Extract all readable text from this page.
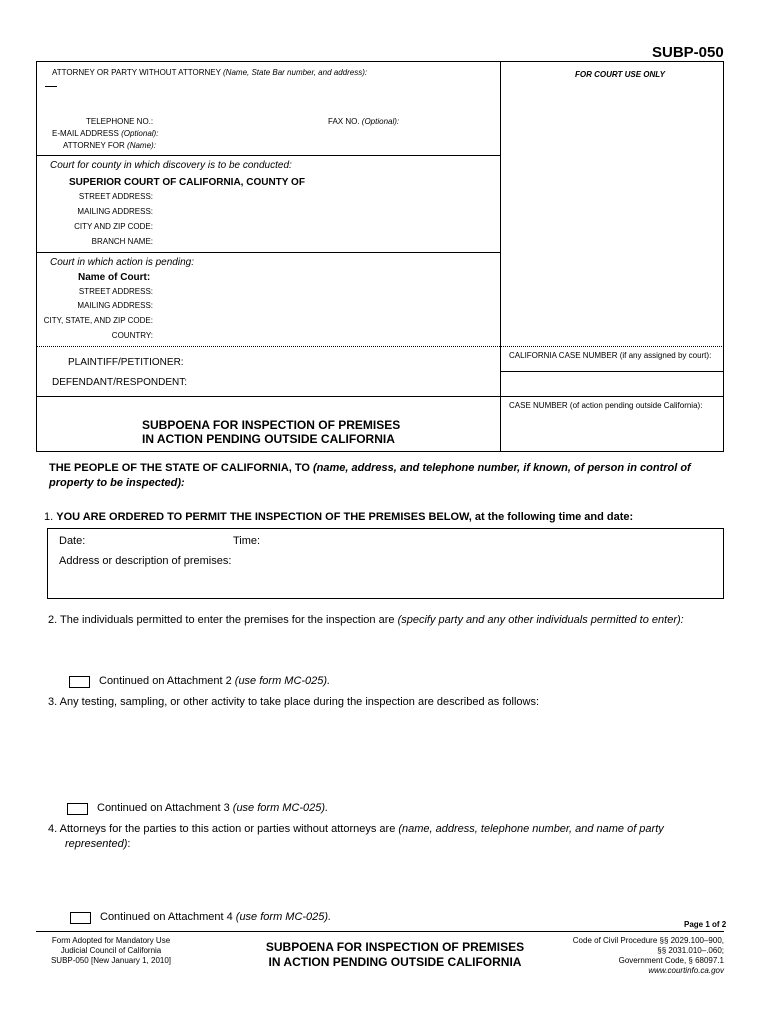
SUBP-050
ATTORNEY OR PARTY WITHOUT ATTORNEY (Name, State Bar number, and address):	FOR COURT USE ONLY
TELEPHONE NO.:	FAX NO. (Optional):
E-MAIL ADDRESS (Optional):
ATTORNEY FOR (Name):
Court for county in which discovery is to be conducted:
SUPERIOR COURT OF CALIFORNIA, COUNTY OF
STREET ADDRESS:
MAILING ADDRESS:
CITY AND ZIP CODE:
BRANCH NAME:
Court in which action is pending:
Name of Court:
STREET ADDRESS:
MAILING ADDRESS:
CITY, STATE, AND ZIP CODE:
COUNTRY:
PLAINTIFF/PETITIONER:
DEFENDANT/RESPONDENT:
CALIFORNIA CASE NUMBER (if any assigned by court):
CASE NUMBER (of action pending outside California):
SUBPOENA FOR INSPECTION OF PREMISES
IN ACTION PENDING OUTSIDE CALIFORNIA
THE PEOPLE OF THE STATE OF CALIFORNIA, TO (name, address, and telephone number, if known, of person in control of
property to be inspected):
1. YOU ARE ORDERED TO PERMIT THE INSPECTION OF THE PREMISES BELOW, at the following time and date:
Date:	Time:
Address or description of premises:
2. The individuals permitted to enter the premises for the inspection are (specify party and any other individuals permitted to enter):
Continued on Attachment 2 (use form MC-025).
3. Any testing, sampling, or other activity to take place during the inspection are described as follows:
Continued on Attachment 3 (use form MC-025).
4. Attorneys for the parties to this action or parties without attorneys are (name, address, telephone number, and name of party
represented):
Continued on Attachment 4 (use form MC-025).
Page 1 of 2
Form Adopted for Mandatory Use
Judicial Council of California
SUBP-050 [New January 1, 2010]
SUBPOENA FOR INSPECTION OF PREMISES
IN ACTION PENDING OUTSIDE CALIFORNIA
Code of Civil Procedure §§ 2029.100–900,
§§ 2031.010–.060;
Government Code, § 68097.1
www.courtinfo.ca.gov
